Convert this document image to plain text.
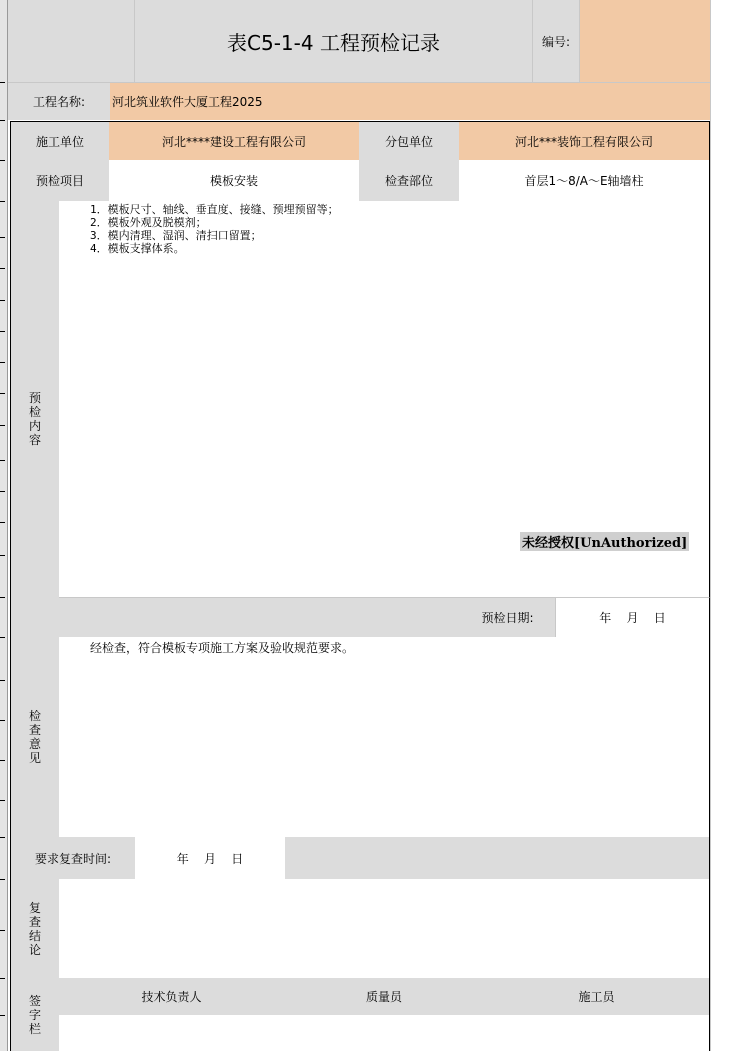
表C5-1-4 工程预检记录	编号:
工程名称:	河北筑业软件大厦工程2025
施工单位	河北****建设工程有限公司	分包单位	河北***装饰工程有限公司
预检项目	模板安装	检查部位	首层1～8/A～E轴墙柱
预
检
内
容
1．模板尺寸、轴线、垂直度、接缝、预埋预留等；
2．模板外观及脱模剂；
3．模内清理、湿润、清扫口留置；
4．模板支撑体系。
未经授权[UnAuthorized]
预检日期:	年    月    日
检
查
意
见
经检查，符合模板专项施工方案及验收规范要求。
要求复查时间:	年    月    日
复
查
结
论
签
字
栏
技术负责人	质量员	施工员
